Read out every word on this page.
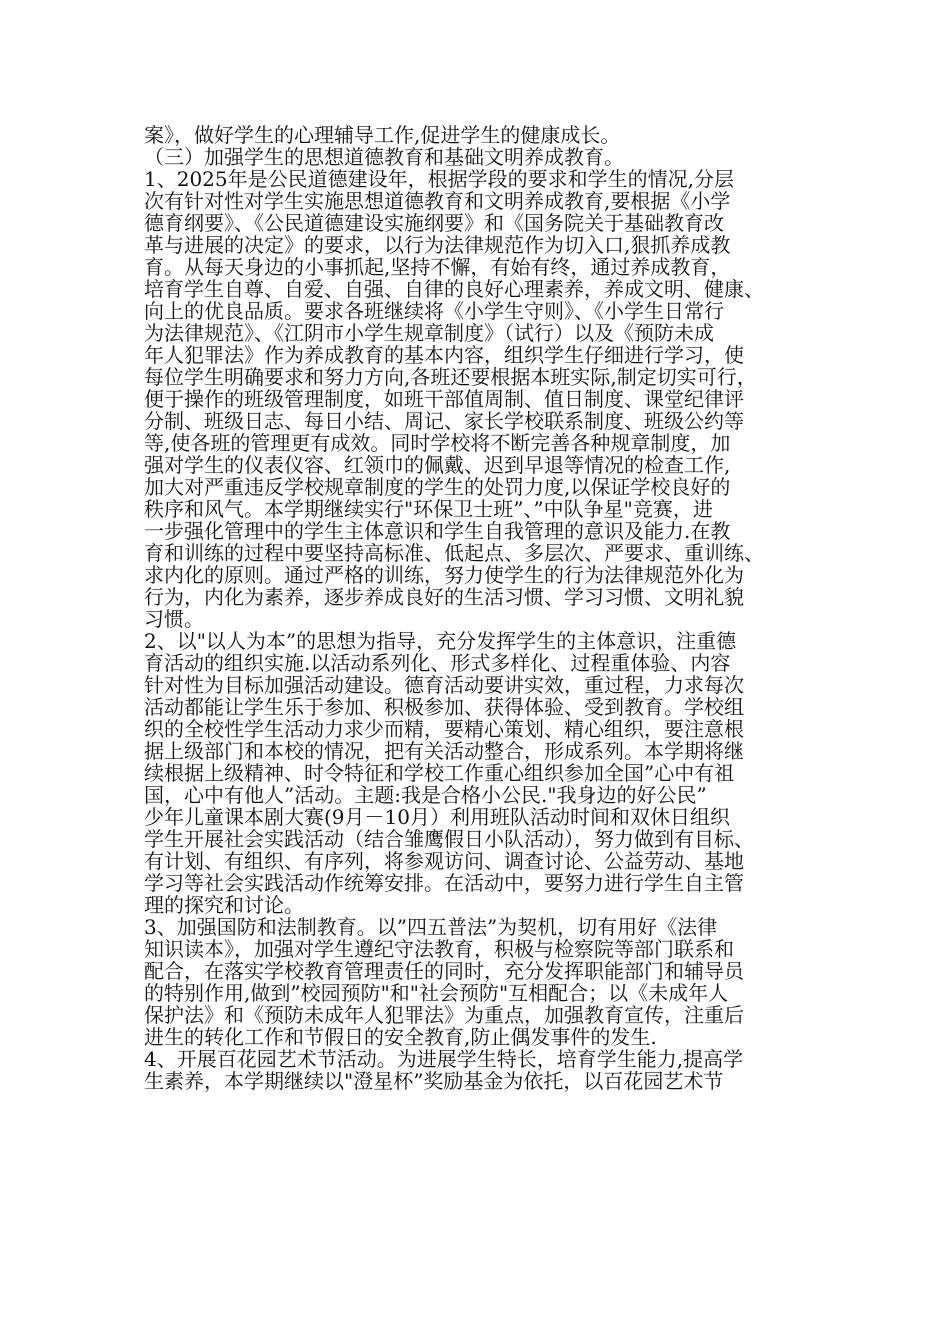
案》，做好学生的心理辅导工作,促进学生的健康成长。
（三）加强学生的思想道德教育和基础文明养成教育。
1、2025年是公民道德建设年，根据学段的要求和学生的情况,分层
次有针对性对学生实施思想道德教育和文明养成教育,要根据《小学
德育纲要》、《公民道德建设实施纲要》和《国务院关于基础教育改
革与进展的决定》的要求，以行为法律规范作为切入口,狠抓养成教
育。从每天身边的小事抓起,坚持不懈，有始有终，通过养成教育，
培育学生自尊、自爱、自强、自律的良好心理素养，养成文明、健康、
向上的优良品质。要求各班继续将《小学生守则》、《小学生日常行
为法律规范》、《江阴市小学生规章制度》（试行）以及《预防未成
年人犯罪法》作为养成教育的基本内容，组织学生仔细进行学习，使
每位学生明确要求和努力方向,各班还要根据本班实际,制定切实可行，
便于操作的班级管理制度，如班干部值周制、值日制度、课堂纪律评
分制、班级日志、每日小结、周记、家长学校联系制度、班级公约等
等,使各班的管理更有成效。同时学校将不断完善各种规章制度，加
强对学生的仪表仪容、红领巾的佩戴、迟到早退等情况的检查工作,
加大对严重违反学校规章制度的学生的处罚力度,以保证学校良好的
秩序和风气。本学期继续实行"环保卫士班”、”中队争星"竞赛，进
一步强化管理中的学生主体意识和学生自我管理的意识及能力.在教
育和训练的过程中要坚持高标准、低起点、多层次、严要求、重训练、
求内化的原则。通过严格的训练，努力使学生的行为法律规范外化为
行为，内化为素养，逐步养成良好的生活习惯、学习习惯、文明礼貌
习惯。
2、以"以人为本”的思想为指导，充分发挥学生的主体意识，注重德
育活动的组织实施.以活动系列化、形式多样化、过程重体验、内容
针对性为目标加强活动建设。德育活动要讲实效，重过程，力求每次
活动都能让学生乐于参加、积极参加、获得体验、受到教育。学校组
织的全校性学生活动力求少而精，要精心策划、精心组织，要注意根
据上级部门和本校的情况，把有关活动整合，形成系列。本学期将继
续根据上级精神、时令特征和学校工作重心组织参加全国”心中有祖
国，心中有他人”活动。主题:我是合格小公民."我身边的好公民”
少年儿童课本剧大赛(9月－10月）利用班队活动时间和双休日组织
学生开展社会实践活动（结合雏鹰假日小队活动），努力做到有目标、
有计划、有组织、有序列，将参观访问、调查讨论、公益劳动、基地
学习等社会实践活动作统筹安排。在活动中，要努力进行学生自主管
理的探究和讨论。
3、加强国防和法制教育。以”四五普法”为契机，切有用好《法律
知识读本》，加强对学生遵纪守法教育，积极与检察院等部门联系和
配合，在落实学校教育管理责任的同时，充分发挥职能部门和辅导员
的特别作用,做到”校园预防"和"社会预防"互相配合；以《未成年人
保护法》和《预防未成年人犯罪法》为重点，加强教育宣传，注重后
进生的转化工作和节假日的安全教育,防止偶发事件的发生.
4、开展百花园艺术节活动。为进展学生特长，培育学生能力,提高学
生素养，本学期继续以"澄星杯”奖励基金为依托，以百花园艺术节
